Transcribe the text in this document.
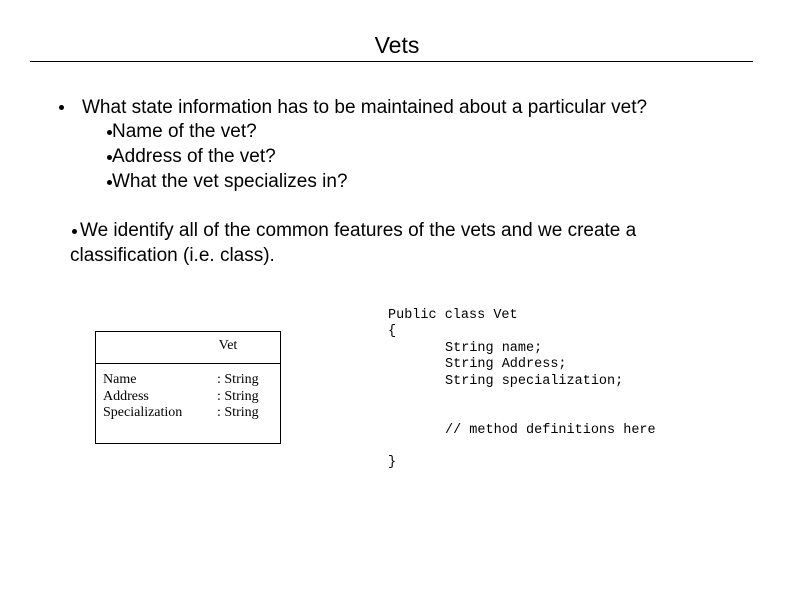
Vets
What state information has to be maintained about a particular vet?
Name of the vet?
Address of the vet?
What the vet specializes in?
We identify all of the common features of the vets and we create a
classification (i.e. class).
Vet
Name
Address
Specialization
: String
: String
: String
Public class Vet
{
String name;
String Address;
String specialization;
// method definitions here
}
